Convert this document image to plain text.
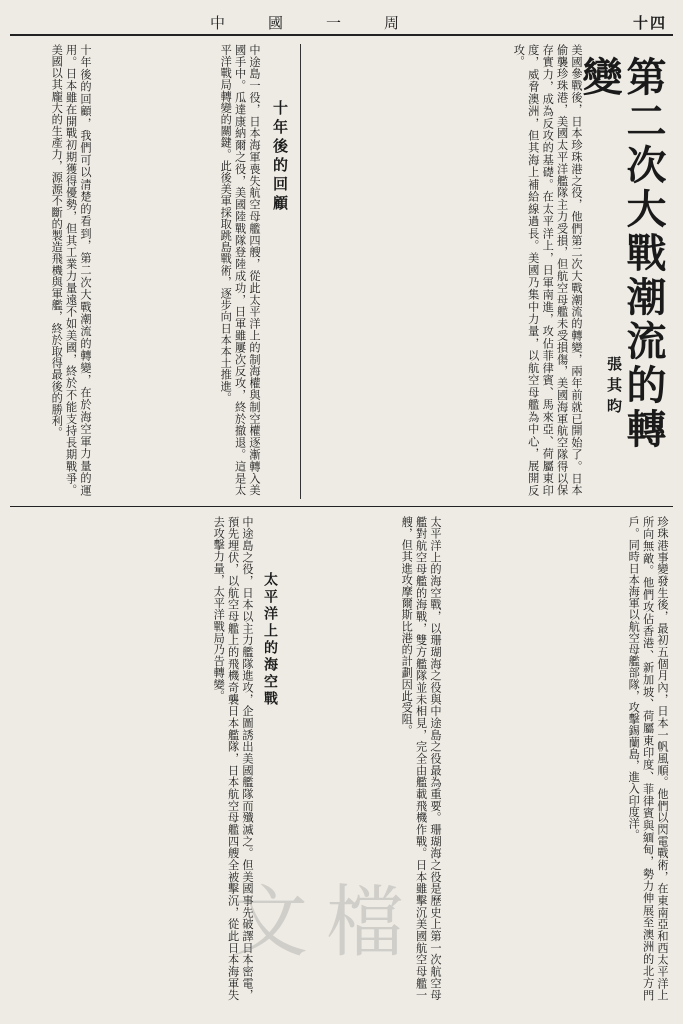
十四
中　國　一　周
第二次大戰潮流的轉變
張其昀
美國參戰後，日本珍珠港之役，他們第二次大戰潮流的轉變，兩年前就已開始了。日本偷襲珍珠港，美國太平洋艦隊主力受損，但航空母艦未受損傷，美國海軍航空隊得以保存實力，成為反攻的基礎。在太平洋上，日軍南進，攻佔菲律賓、馬來亞、荷屬東印度，威脅澳洲，但其海上補給線過長。美國乃集中力量，以航空母艦為中心，展開反攻。
十年後的回顧
中途島一役，日本海軍喪失航空母艦四艘，從此太平洋上的制海權與制空權逐漸轉入美國手中。瓜達康納爾之役，美國陸戰隊登陸成功，日軍雖屢次反攻，終於撤退。這是太平洋戰局轉變的關鍵。此後美軍採取跳島戰術，逐步向日本本土推進。
十年後的回顧，我們可以清楚的看到，第二次大戰潮流的轉變，在於海空軍力量的運用。日本雖在開戰初期獲得優勢，但其工業力量遠不如美國，終於不能支持長期戰爭。美國以其龐大的生產力，源源不斷的製造飛機與軍艦，終於取得最後的勝利。
珍珠港事變發生後，最初五個月內，日本一帆風順。他們以閃電戰術，在東南亞和西太平洋上所向無敵。他們攻佔香港、新加坡、荷屬東印度、菲律賓與緬甸，勢力伸展至澳洲的北方門戶。同時日本海軍以航空母艦部隊，攻擊錫蘭島，進入印度洋。
太平洋上的海空戰，以珊瑚海之役與中途島之役最為重要。珊瑚海之役是歷史上第一次航空母艦對航空母艦的海戰，雙方艦隊並未相見，完全由艦載飛機作戰。日本雖擊沉美國航空母艦一艘，但其進攻摩爾斯比港的計劃因此受阻。
太平洋上的海空戰
中途島之役，日本以主力艦隊進攻，企圖誘出美國艦隊而殲滅之。但美國事先破譯日本密電，預先埋伏，以航空母艦上的飛機奇襲日本艦隊，日本航空母艦四艘全被擊沉，從此日本海軍失去攻擊力量，太平洋戰局乃告轉變。
文檔
